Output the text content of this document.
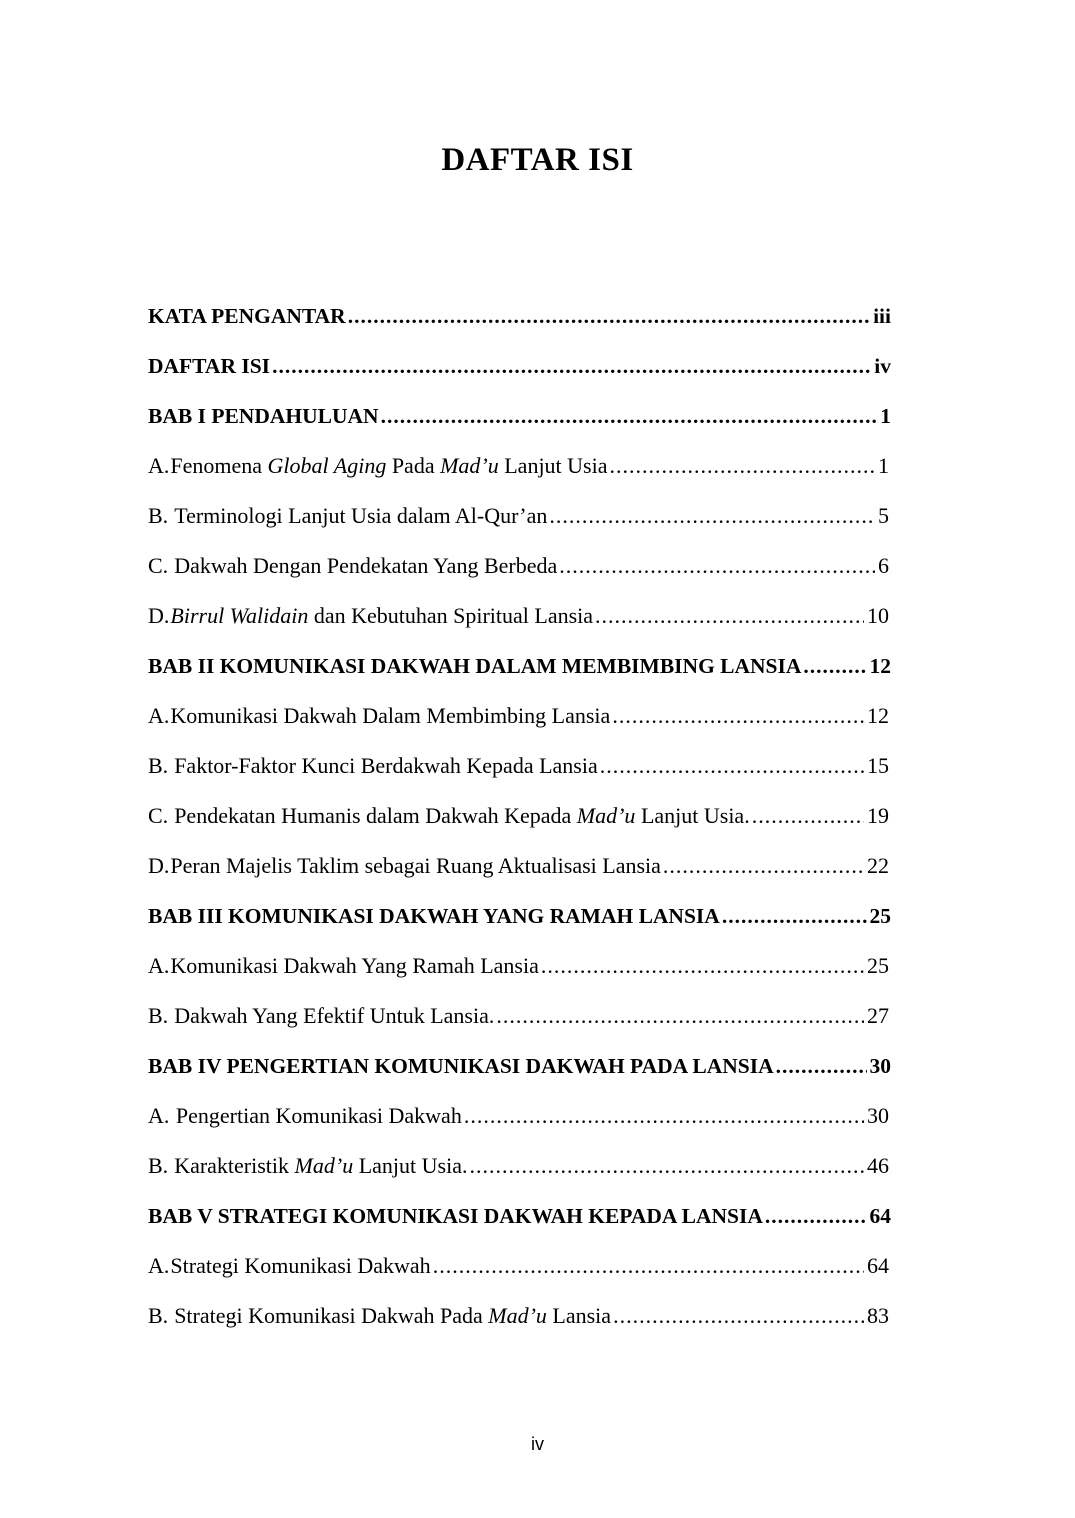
DAFTAR ISI
KATA PENGANTAR .....	iii
DAFTAR ISI .....	iv
BAB I PENDAHULUAN .....	1
A.Fenomena Global Aging Pada Mad’u Lanjut Usia .....	1
B. Terminologi Lanjut Usia dalam Al-Qur’an .....	5
C. Dakwah Dengan Pendekatan Yang Berbeda .....	6
D.Birrul Walidain dan Kebutuhan Spiritual Lansia .....	10
BAB II KOMUNIKASI DAKWAH DALAM MEMBIMBING LANSIA .....	12
A.Komunikasi Dakwah Dalam Membimbing Lansia .....	12
B. Faktor-Faktor Kunci Berdakwah Kepada Lansia .....	15
C. Pendekatan Humanis dalam Dakwah Kepada Mad’u Lanjut Usia. .....	19
D.Peran Majelis Taklim sebagai Ruang Aktualisasi Lansia .....	22
BAB III KOMUNIKASI DAKWAH YANG RAMAH LANSIA .....	25
A.Komunikasi Dakwah Yang Ramah Lansia .....	25
B. Dakwah Yang Efektif Untuk Lansia. .....	27
BAB IV PENGERTIAN KOMUNIKASI DAKWAH PADA LANSIA .....	30
A. Pengertian Komunikasi Dakwah .....	30
B. Karakteristik Mad’u Lanjut Usia. .....	46
BAB V STRATEGI KOMUNIKASI DAKWAH KEPADA LANSIA .....	64
A.Strategi Komunikasi Dakwah .....	64
B. Strategi Komunikasi Dakwah Pada Mad’u Lansia .....	83
iv
